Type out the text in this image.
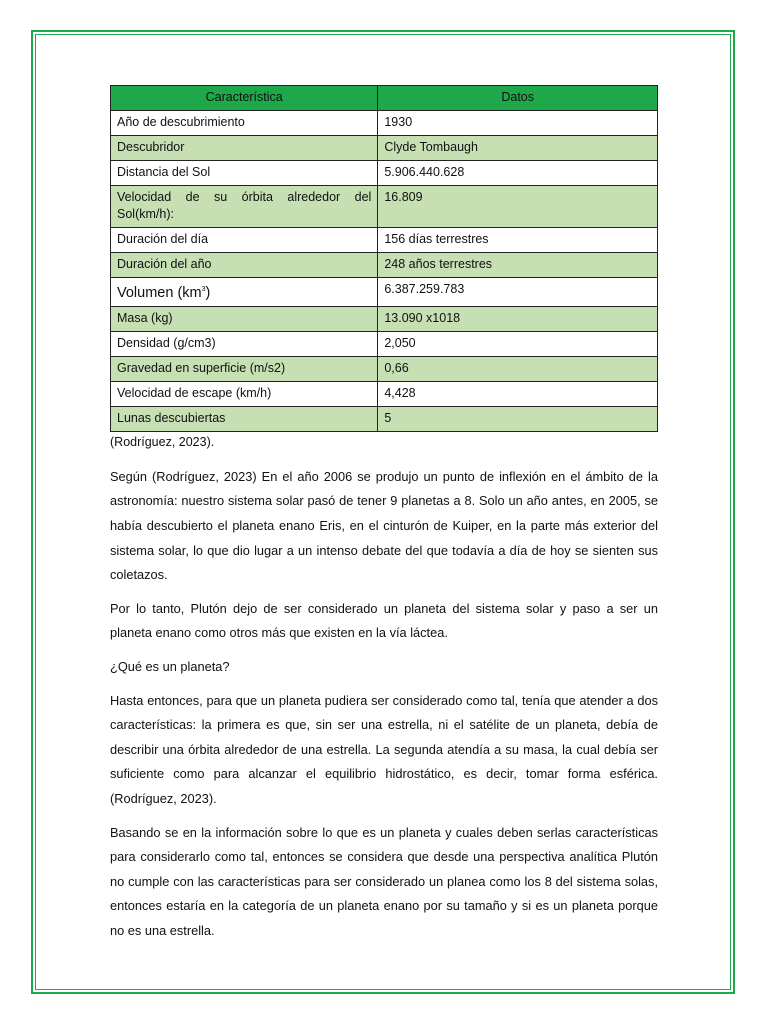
Característica	Datos
Año de descubrimiento	1930
Descubridor	Clyde Tombaugh
Distancia del Sol	5.906.440.628
Velocidad de su órbita alrededor del Sol(km/h):	16.809
Duración del día	156 días terrestres
Duración del año	248 años terrestres
Volumen $(km^3)$	6.387.259.783
Masa (kg)	13.090 x1018
Densidad (g/cm3)	2,050
Gravedad en superficie (m/s2)	0,66
Velocidad de escape (km/h)	4,428
Lunas descubiertas	5
(Rodríguez, 2023).

Según (Rodríguez, 2023) En el año 2006 se produjo un punto de inflexión en el ámbito de la astronomía: nuestro sistema solar pasó de tener 9 planetas a 8. Solo un año antes, en 2005, se había descubierto el planeta enano Eris, en el cinturón de Kuiper, en la parte más exterior del sistema solar, lo que dio lugar a un intenso debate del que todavía a día de hoy se sienten sus coletazos.

Por lo tanto, Plutón dejo de ser considerado un planeta del sistema solar y paso a ser un planeta enano como otros más que existen en la vía láctea.

¿Qué es un planeta?

Hasta entonces, para que un planeta pudiera ser considerado como tal, tenía que atender a dos características: la primera es que, sin ser una estrella, ni el satélite de un planeta, debía de describir una órbita alrededor de una estrella. La segunda atendía a su masa, la cual debía ser suficiente como para alcanzar el equilibrio hidrostático, es decir, tomar forma esférica. (Rodríguez, 2023).

Basando se en la información sobre lo que es un planeta y cuales deben serlas características para considerarlo como tal, entonces se considera que desde una perspectiva analítica Plutón no cumple con las características para ser considerado un planea como los 8 del sistema solas, entonces estaría en la categoría de un planeta enano por su tamaño y si es un planeta porque no es una estrella.
